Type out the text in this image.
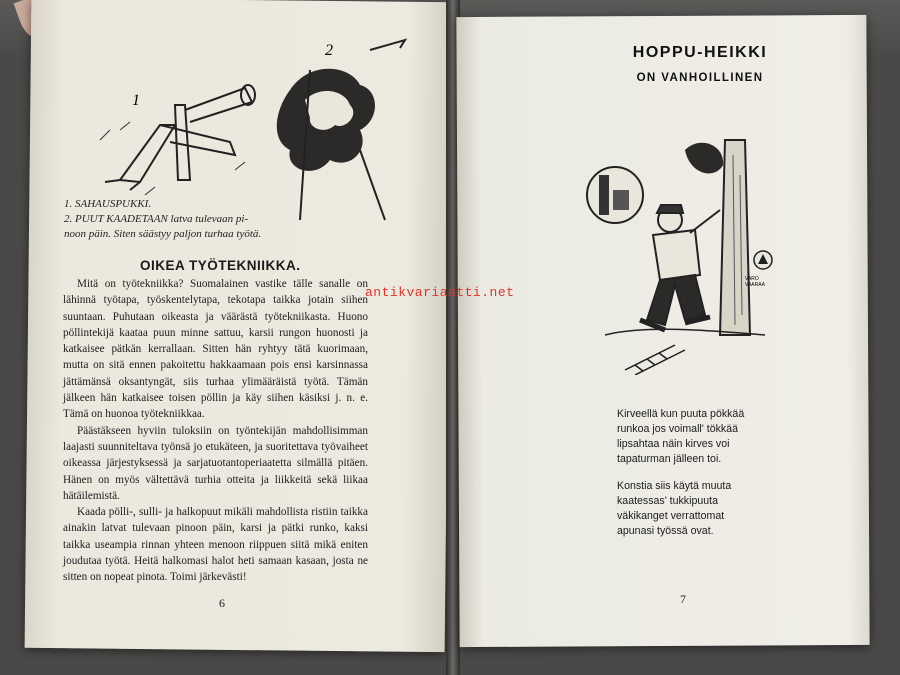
1
2
1. SAHAUSPUKKI.
2. PUUT KAADETAAN latva tulevaan pi-
noon päin. Siten säästyy paljon turhaa työtä.
OIKEA TYÖTEKNIIKKA.

Mitä on työtekniikka? Suomalainen vastike tälle sanalle on lähinnä työtapa, työskentelytapa, tekotapa taikka jotain siihen suuntaan. Puhutaan oikeasta ja väärästä työtekniikasta. Huono pöllintekijä kaataa puun minne sattuu, karsii rungon huonosti ja katkaisee pätkän kerrallaan. Sitten hän ryhtyy tätä kuorimaan, mutta on sitä ennen pakoitettu hakkaamaan pois ensi karsinnassa jättämänsä oksantyngät, siis turhaa ylimääräistä työtä. Tämän jälkeen hän katkaisee toisen pöllin ja käy siihen käsiksi j. n. e. Tämä on huonoa työtekniikkaa.

Päästäkseen hyviin tuloksiin on työntekijän mahdollisimman laajasti suunniteltava työnsä jo etukäteen, ja suoritettava työvaiheet oikeassa järjestyksessä ja sarjatuotantoperiaatetta silmällä pitäen. Hänen on myös vältettävä turhia otteita ja liikkeitä sekä liikaa hätäilemistä.

Kaada pölli-, sulli- ja halkopuut mikäli mahdollista ristiin taikka ainakin latvat tulevaan pinoon päin, karsi ja pätki runko, kaksi taikka useampia rinnan yhteen menoon riippuen siitä mikä eniten joudutaa työtä. Heitä halkomasi halot heti samaan kasaan, josta ne sitten on nopeat pinota. Toimi järkevästi!

6
HOPPU-HEIKKI
ON VANHOILLINEN
VARO
VAARAA
Kirveellä kun puuta pökkää
runkoa jos voimall' tökkää
lipsahtaa näin kirves voi
tapaturman jälleen toi.
Konstia siis käytä muuta
kaatessas' tukkipuuta
väkikanget verrattomat
apunasi työssä ovat.
7
antikvariaatti.net
